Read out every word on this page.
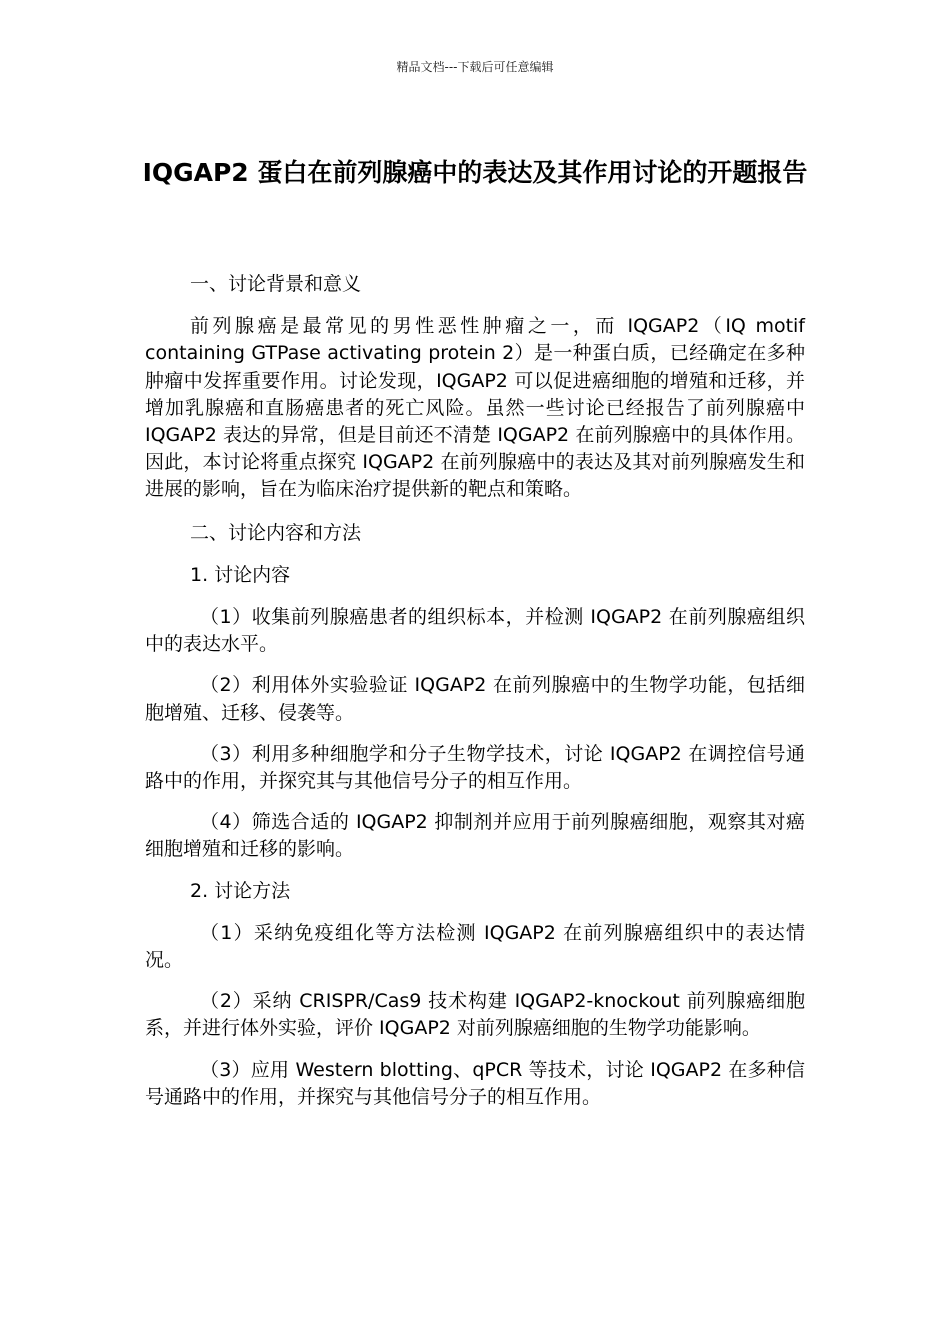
精品文档---下载后可任意编辑
IQGAP2 蛋白在前列腺癌中的表达及其作用讨论的开题报告

一、讨论背景和意义

前列腺癌是最常见的男性恶性肿瘤之一，而 IQGAP2（IQ motif containing GTPase activating protein 2）是一种蛋白质，已经确定在多种肿瘤中发挥重要作用。讨论发现，IQGAP2 可以促进癌细胞的增殖和迁移，并增加乳腺癌和直肠癌患者的死亡风险。虽然一些讨论已经报告了前列腺癌中 IQGAP2 表达的异常，但是目前还不清楚 IQGAP2 在前列腺癌中的具体作用。因此，本讨论将重点探究 IQGAP2 在前列腺癌中的表达及其对前列腺癌发生和进展的影响，旨在为临床治疗提供新的靶点和策略。

二、讨论内容和方法

1. 讨论内容

（1）收集前列腺癌患者的组织标本，并检测 IQGAP2 在前列腺癌组织中的表达水平。

（2）利用体外实验验证 IQGAP2 在前列腺癌中的生物学功能，包括细胞增殖、迁移、侵袭等。

（3）利用多种细胞学和分子生物学技术，讨论 IQGAP2 在调控信号通路中的作用，并探究其与其他信号分子的相互作用。

（4）筛选合适的 IQGAP2 抑制剂并应用于前列腺癌细胞，观察其对癌细胞增殖和迁移的影响。

2. 讨论方法

（1）采纳免疫组化等方法检测 IQGAP2 在前列腺癌组织中的表达情况。

（2）采纳 CRISPR/Cas9 技术构建 IQGAP2-knockout 前列腺癌细胞系，并进行体外实验，评价 IQGAP2 对前列腺癌细胞的生物学功能影响。

（3）应用 Western blotting、qPCR 等技术，讨论 IQGAP2 在多种信号通路中的作用，并探究与其他信号分子的相互作用。
